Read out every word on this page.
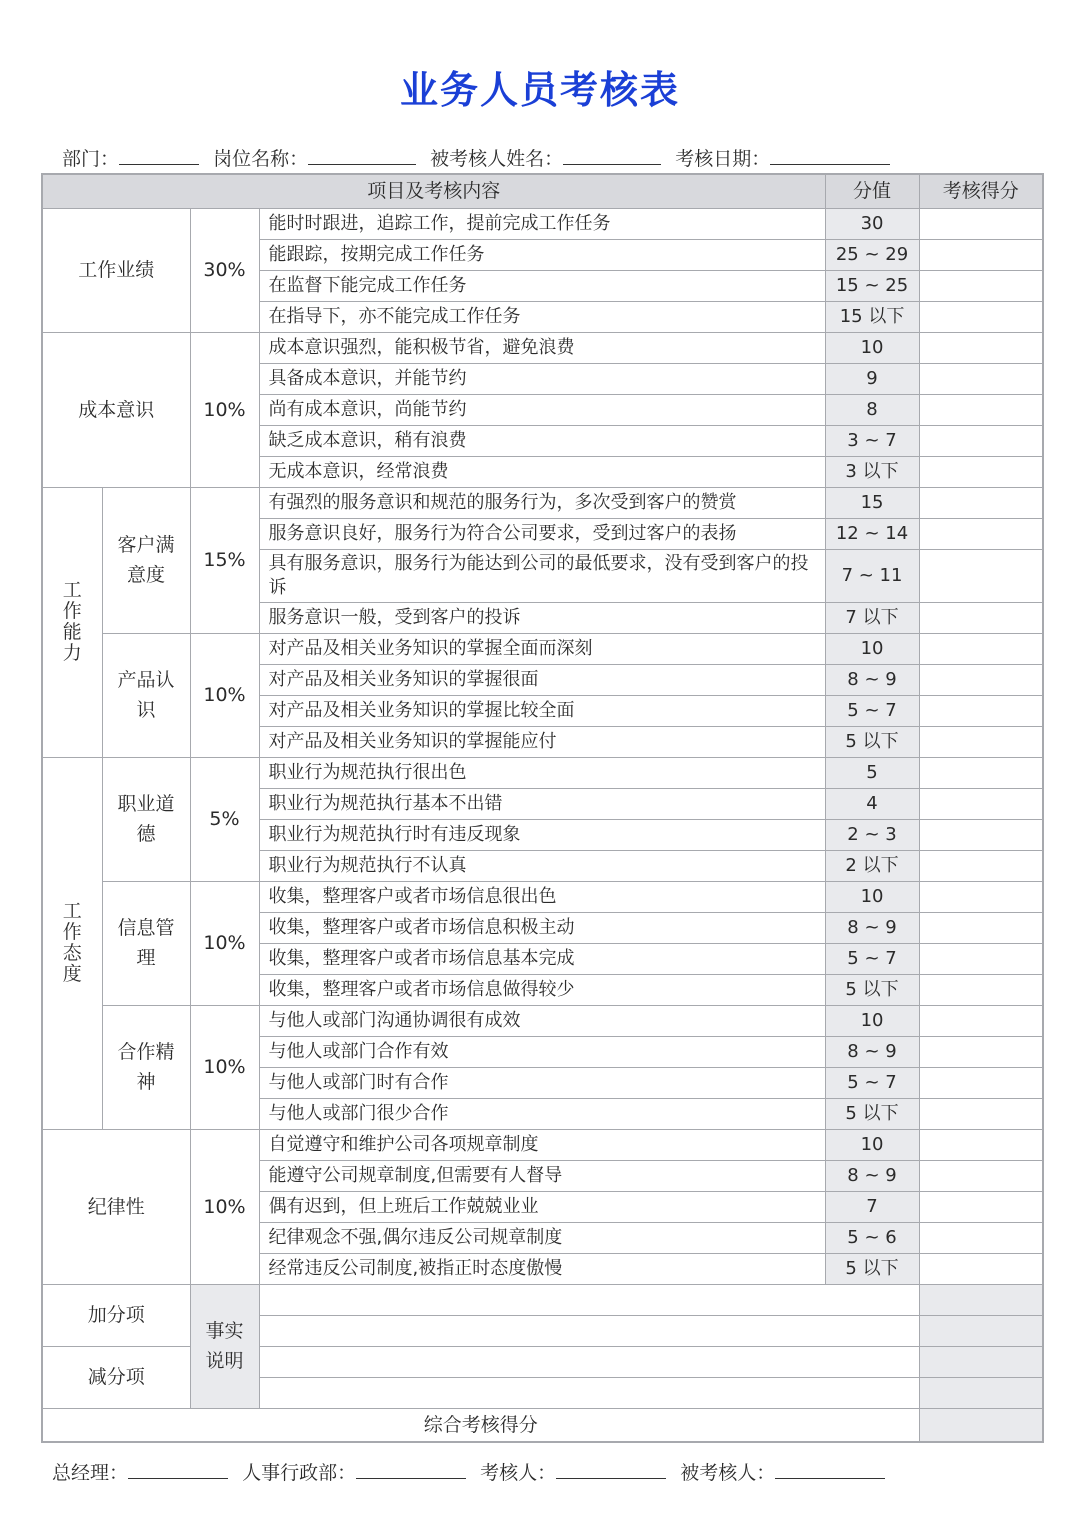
业务人员考核表
部门：	岗位名称：	被考核人姓名：	考核日期：
项目及考核内容				分值	考核得分
工作业绩		30%	能时时跟进，追踪工作，提前完成工作任务	30	
			能跟踪，按期完成工作任务	25 ~ 29	
			在监督下能完成工作任务	15 ~ 25	
			在指导下，亦不能完成工作任务	15 以下	
成本意识		10%	成本意识强烈，能积极节省，避免浪费	10	
			具备成本意识，并能节约	9	
			尚有成本意识，尚能节约	8	
			缺乏成本意识，稍有浪费	3 ~ 7	
			无成本意识，经常浪费	3 以下	

工作能力	客户满意度	15%	有强烈的服务意识和规范的服务行为，多次受到客户的赞赏	15	
			服务意识良好，服务行为符合公司要求，受到过客户的表扬	12 ~ 14	
			具有服务意识，服务行为能达到公司的最低要求，没有受到客户的投诉	7 ~ 11	
			服务意识一般，受到客户的投诉	7 以下	

	产品认识	10%	对产品及相关业务知识的掌握全面而深刻	10	
			对产品及相关业务知识的掌握很面	8 ~ 9	
			对产品及相关业务知识的掌握比较全面	5 ~ 7	
			对产品及相关业务知识的掌握能应付	5 以下	

工作态度	职业道德	5%	职业行为规范执行很出色	5	
			职业行为规范执行基本不出错	4	
			职业行为规范执行时有违反现象	2 ~ 3	
			职业行为规范执行不认真	2 以下	

	信息管理	10%	收集，整理客户或者市场信息很出色	10	
			收集，整理客户或者市场信息积极主动	8 ~ 9	
			收集，整理客户或者市场信息基本完成	5 ~ 7	
			收集，整理客户或者市场信息做得较少	5 以下	

	合作精神	10%	与他人或部门沟通协调很有成效	10	
			与他人或部门合作有效	8 ~ 9	
			与他人或部门时有合作	5 ~ 7	
			与他人或部门很少合作	5 以下	
纪律性		10%	自觉遵守和维护公司各项规章制度	10	
			能遵守公司规章制度,但需要有人督导	8 ~ 9	
			偶有迟到，但上班后工作兢兢业业	7	
			纪律观念不强,偶尔违反公司规章制度	5 ~ 6	
			经常违反公司制度,被指正时态度傲慢	5 以下	
加分项		事实说明			

减分项					

综合考核得分					
总经理：	人事行政部：	考核人：	被考核人：
